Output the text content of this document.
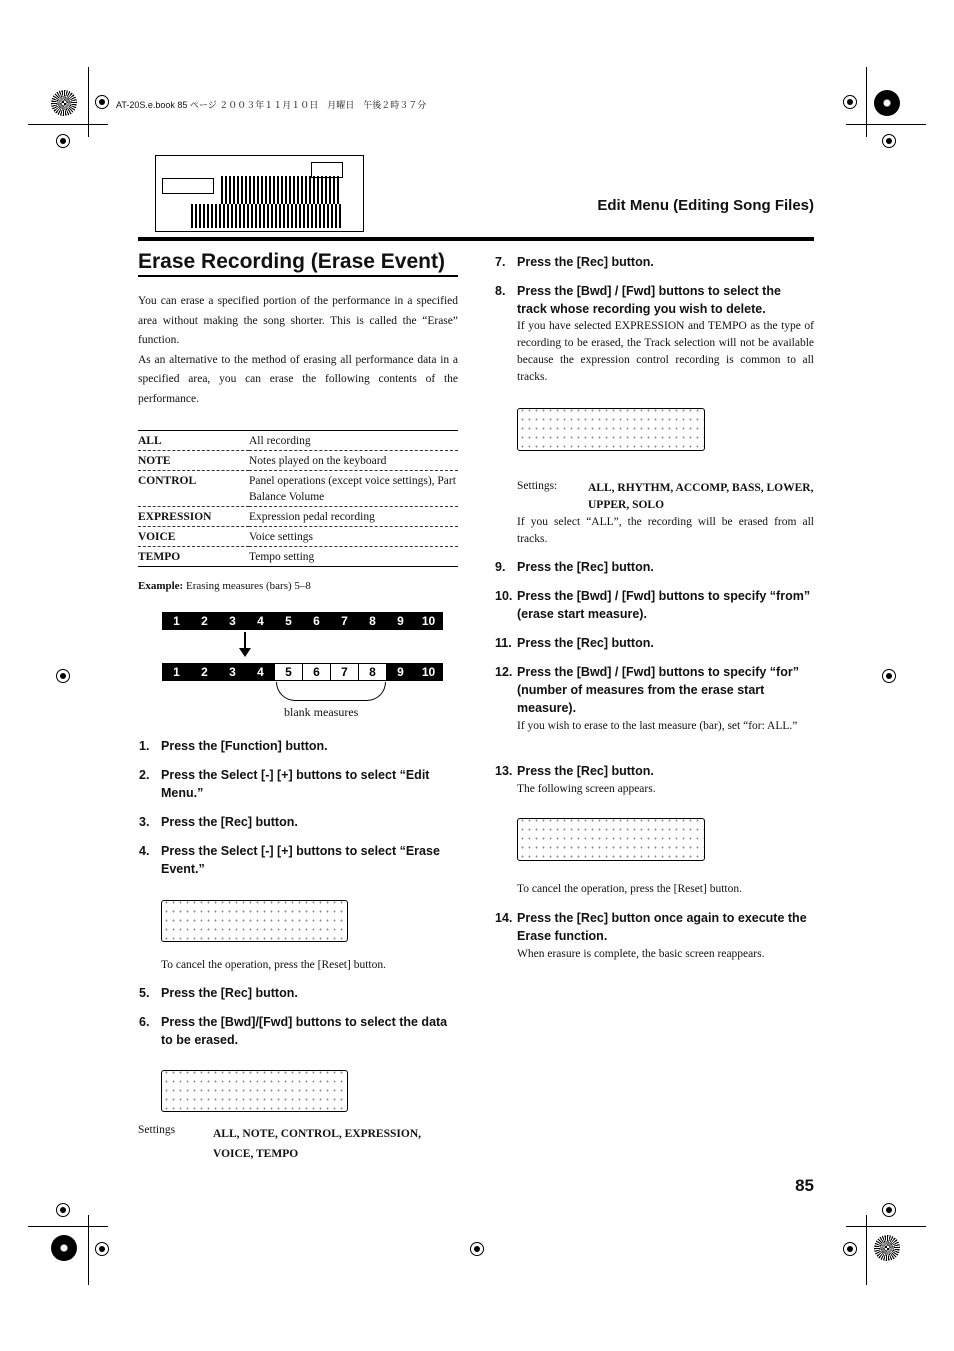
AT-20S.e.book 85 ページ ２００３年１１月１０日　月曜日　午後２時３７分
Edit Menu (Editing Song Files)
Erase Recording (Erase Event)
You can erase a specified portion of the performance in a specified area without making the song shorter. This is called the “Erase” function.
As an alternative to the method of erasing all performance data in a specified area, you can erase the following contents of the performance.
ALL	All recording
NOTE	Notes played on the keyboard
CONTROL	Panel operations (except voice settings), Part Balance Volume
EXPRESSION	Expression pedal recording
VOICE	Voice settings
TEMPO	Tempo setting
Example: Erasing measures (bars) 5–8
1	2	3	4	5	6	7	8	9	10
1	2	3	4	5	6	7	8	9	10
blank measures
1. Press the [Function] button.
2. Press the Select [-] [+] buttons to select “Edit Menu.”
3. Press the [Rec] button.
4. Press the Select [-] [+] buttons to select “Erase Event.”
To cancel the operation, press the [Reset] button.
5. Press the [Rec] button.
6. Press the [Bwd]/[Fwd] buttons to select the data to be erased.
Settings	ALL, NOTE, CONTROL, EXPRESSION, VOICE, TEMPO
7. Press the [Rec] button.
8. Press the [Bwd] / [Fwd] buttons to select the track whose recording you wish to delete.
If you have selected EXPRESSION and TEMPO as the type of recording to be erased, the Track selection will not be available because the expression control recording is common to all tracks.
Settings:	ALL, RHYTHM, ACCOMP, BASS, LOWER, UPPER, SOLO
If you select “ALL”, the recording will be erased from all tracks.
9. Press the [Rec] button.
10. Press the [Bwd] / [Fwd] buttons to specify “from” (erase start measure).
11. Press the [Rec] button.
12. Press the [Bwd] / [Fwd] buttons to specify “for” (number of measures from the erase start measure).
If you wish to erase to the last measure (bar), set “for: ALL.”
13. Press the [Rec] button.
The following screen appears.
To cancel the operation, press the [Reset] button.
14. Press the [Rec] button once again to execute the Erase function.
When erasure is complete, the basic screen reappears.
85
